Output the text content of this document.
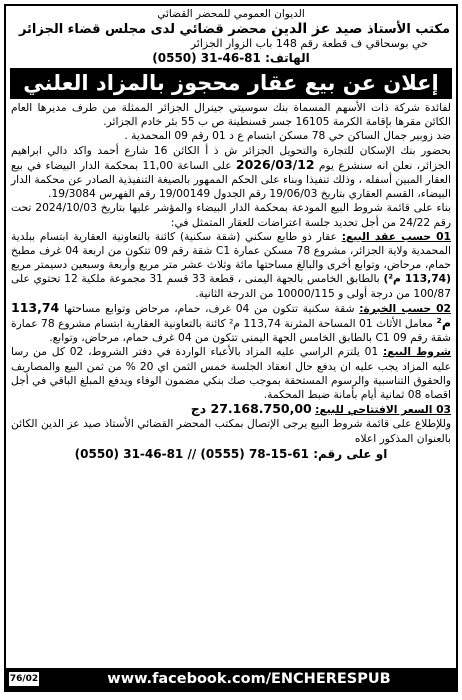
الديوان العمومي للمحضر القضائي
مكتب الأستاذ صيد عز الدين محضر قضائي لدى مجلس قضاء الجزائر
حي بوسحاقي ف قطعة رقم 148 باب الزوار الجزائر
الهاتف: (0550) 31-46-81
إعلان عن بيع عقار محجوز بالمزاد العلني

لفائدة شركة ذات الأسهم المسماة بنك سوسيتي جينرال الجزائر الممثلة من طرف مديرها العام الكائن مقرها بإقامة الكرمة 16105 جسر قسنطينة ص ب 55 بئر خادم الجزائر.

ضد زوبير جمال الساكن حي 78 مسكن ابتسام ع د 01 رقم 09 المحمدية .

بحضور بنك الإسكان للتجارة والتحويل الجزائر ش ذ أ الكائن 16 شارع أحمد واكد دالي ابراهيم الجزائر، نعلن انه سنشرع يوم 2026/03/12 على الساعة 11,00 بمحكمة الدار البيضاء في بيع العقار المبين أسفله ، وذلك تنفيذا وبناء على الحكم الممهور بالصيغة التنفيذية الصادر عن محكمة الدار البيضاء، القسم العقاري بتاريخ 19/06/03 رقم الجدول 19/00149 رقم الفهرس 19/3084.

بناء على قائمة شروط البيع المودعة بمحكمة الدار البيضاء والمؤشر عليها بتاريخ 2024/10/03 تحت رقم 24/22 من أجل تحديد جلسة اعتراضات للعقار المتمثل في:

01 حسب عقد البيع: عقار ذو طابع سكني (شقة سكنية) كائنة بالتعاونية العقارية ابتسام ببلدية المحمدية ولاية الجزائر، مشروع 78 مسكن عمارة C1 شقة رقم 09 تتكون من اربعة 04 غرف مطبخ حمام، مرحاض، وتوابع أخرى والبالغ مساحتها مائة وثلاث عشر متر مربع وأربعة وسبعين دسيمتر مربع (113,74 م²) بالطابق الخامس بالجهة اليمنى ، قطعة 33 قسم 31 مجموعة ملكية 12 تحتوي على 100/87 من درجة أولى و 10000/115 من الدرجة الثانية.

02 حسب الخبرة: شقة سكنية تتكون من 04 غرف، حمام، مرحاض وتوابع مساحتها 113,74 م² معامل الأثاث 01 المساحة المثرنة 113,74 م² كائنة بالتعاونية العقارية ابتسام مشروع 78 عمارة شقة رقم 09 C1 بالطابق الخامس الجهة اليمنى تتكون من 04 غرف حمام، مرحاض، وتوابع.

شروط البيع: 01 يلتزم الراسي عليه المزاد بالأعباء الواردة في دفتر الشروط، 02 كل من رسا عليه المزاد يجب عليه ان يدفع حال انعقاد الجلسة خمس الثمن اي 20 % من ثمن البيع والمصاريف والحقوق التناسبية والرسوم المستحقة بموجب صك بنكي مضمون الوفاء ويدفع المبلغ الباقي في أجل اقصاه 08 ثمانية أيام بأمانة ضبط المحكمة.

03 السعر الافتتاحي للبيع: 27.168.750,00 دج

وللإطلاع على قائمة شروط البيع يرجى الإتصال بمكتب المحضر القضائي الأستاذ صيد عز الدين الكائن بالعنوان المذكور اعلاه

او على رقم: (0550) 31-46-81 // (0555) 78-15-61
76/02	www.facebook.com/ENCHERESPUB
